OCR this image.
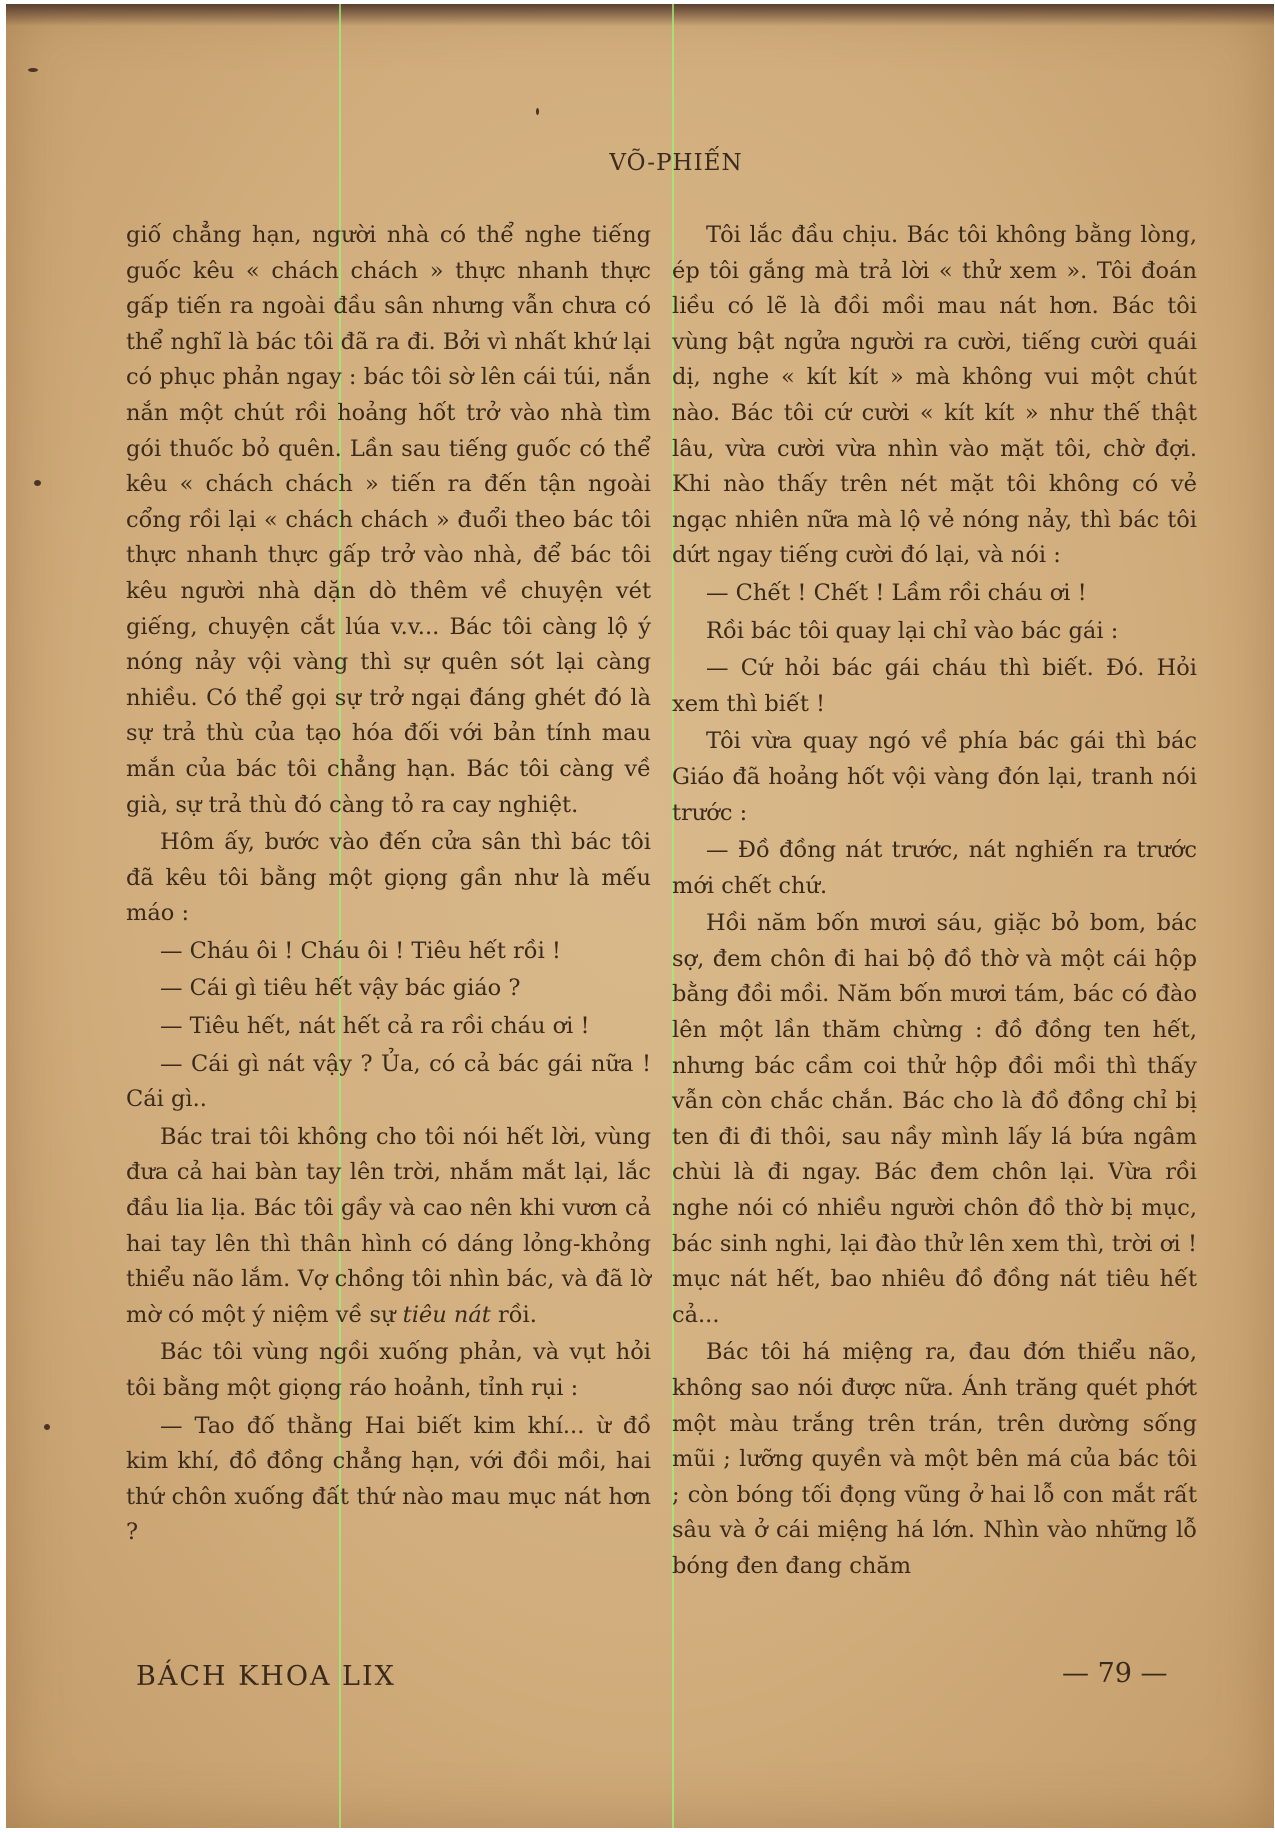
VÕ-PHIẾN

giố chẳng hạn, người nhà có thể nghe tiếng guốc kêu « chách chách » thực nhanh thực gấp tiến ra ngoài đầu sân nhưng vẫn chưa có thể nghĩ là bác tôi đã ra đi. Bởi vì nhất khứ lại có phục phản ngay : bác tôi sờ lên cái túi, nắn nắn một chút rồi hoảng hốt trở vào nhà tìm gói thuốc bỏ quên. Lần sau tiếng guốc có thể kêu « chách chách » tiến ra đến tận ngoài cổng rồi lại « chách chách » đuổi theo bác tôi thực nhanh thực gấp trở vào nhà, để bác tôi kêu người nhà dặn dò thêm về chuyện vét giếng, chuyện cắt lúa v.v... Bác tôi càng lộ ý nóng nảy vội vàng thì sự quên sót lại càng nhiều. Có thể gọi sự trở ngại đáng ghét đó là sự trả thù của tạo hóa đối với bản tính mau mắn của bác tôi chẳng hạn. Bác tôi càng về già, sự trả thù đó càng tỏ ra cay nghiệt.

Hôm ấy, bước vào đến cửa sân thì bác tôi đã kêu tôi bằng một giọng gần như là mếu máo :

— Cháu ôi ! Cháu ôi ! Tiêu hết rồi !

— Cái gì tiêu hết vậy bác giáo ?

— Tiêu hết, nát hết cả ra rồi cháu ơi !

— Cái gì nát vậy ? Ủa, có cả bác gái nữa ! Cái gì..

Bác trai tôi không cho tôi nói hết lời, vùng đưa cả hai bàn tay lên trời, nhắm mắt lại, lắc đầu lia lịa. Bác tôi gầy và cao nên khi vươn cả hai tay lên thì thân hình có dáng lỏng-khỏng thiểu não lắm. Vợ chồng tôi nhìn bác, và đã lờ mờ có một ý niệm về sự tiêu nát rồi.

Bác tôi vùng ngồi xuống phản, và vụt hỏi tôi bằng một giọng ráo hoảnh, tỉnh rụi :

— Tao đố thằng Hai biết kim khí... ừ đồ kim khí, đồ đồng chẳng hạn, với đồi mồi, hai thứ chôn xuống đất thứ nào mau mục nát hơn ?

Tôi lắc đầu chịu. Bác tôi không bằng lòng, ép tôi gắng mà trả lời « thử xem ». Tôi đoán liều có lẽ là đồi mồi mau nát hơn. Bác tôi vùng bật ngửa người ra cười, tiếng cười quái dị, nghe « kít kít » mà không vui một chút nào. Bác tôi cứ cười « kít kít » như thế thật lâu, vừa cười vừa nhìn vào mặt tôi, chờ đợi. Khi nào thấy trên nét mặt tôi không có vẻ ngạc nhiên nữa mà lộ vẻ nóng nảy, thì bác tôi dứt ngay tiếng cười đó lại, và nói :

— Chết ! Chết ! Lầm rồi cháu ơi !

Rồi bác tôi quay lại chỉ vào bác gái :

— Cứ hỏi bác gái cháu thì biết. Đó. Hỏi xem thì biết !

Tôi vừa quay ngó về phía bác gái thì bác Giáo đã hoảng hốt vội vàng đón lại, tranh nói trước :

— Đồ đồng nát trước, nát nghiến ra trước mới chết chứ.

Hồi năm bốn mươi sáu, giặc bỏ bom, bác sợ, đem chôn đi hai bộ đồ thờ và một cái hộp bằng đồi mồi. Năm bốn mươi tám, bác có đào lên một lần thăm chừng : đồ đồng ten hết, nhưng bác cầm coi thử hộp đồi mồi thì thấy vẫn còn chắc chắn. Bác cho là đồ đồng chỉ bị ten đi đi thôi, sau nầy mình lấy lá bứa ngâm chùi là đi ngay. Bác đem chôn lại. Vừa rồi nghe nói có nhiều người chôn đồ thờ bị mục, bác sinh nghi, lại đào thử lên xem thì, trời ơi ! mục nát hết, bao nhiêu đồ đồng nát tiêu hết cả...

Bác tôi há miệng ra, đau đớn thiểu não, không sao nói được nữa. Ánh trăng quét phớt một màu trắng trên trán, trên dường sống mũi ; lưỡng quyền và một bên má của bác tôi ; còn bóng tối đọng vũng ở hai lỗ con mắt rất sâu và ở cái miệng há lớn. Nhìn vào những lỗ bóng đen đang chăm

BÁCH KHOA LIX	— 79 —
